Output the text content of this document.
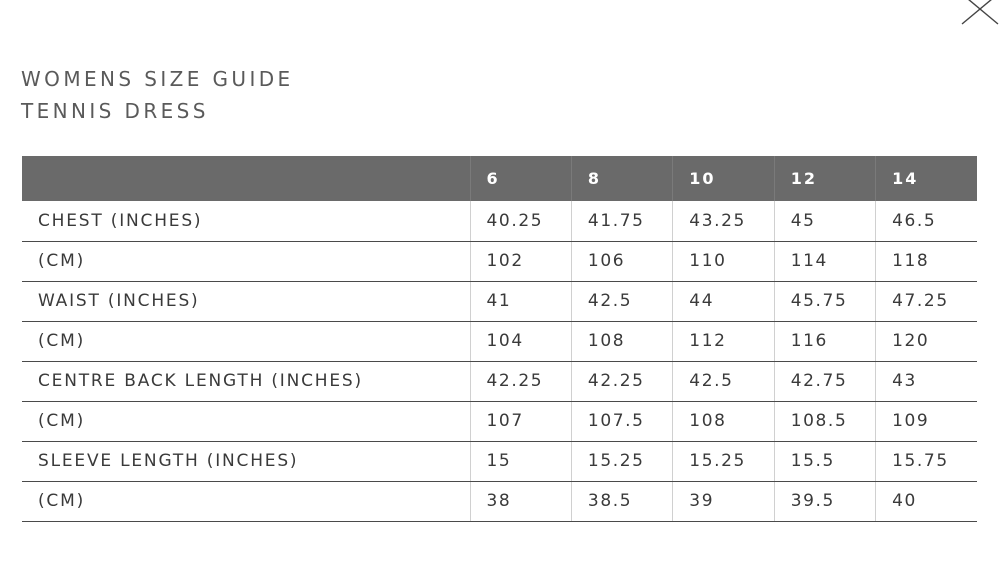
WOMENS SIZE GUIDE
TENNIS DRESS
	6	8	10	12	14
CHEST (INCHES)	40.25	41.75	43.25	45	46.5
(CM)	102	106	110	114	118
WAIST (INCHES)	41	42.5	44	45.75	47.25
(CM)	104	108	112	116	120
CENTRE BACK LENGTH (INCHES)	42.25	42.25	42.5	42.75	43
(CM)	107	107.5	108	108.5	109
SLEEVE LENGTH (INCHES)	15	15.25	15.25	15.5	15.75
(CM)	38	38.5	39	39.5	40
